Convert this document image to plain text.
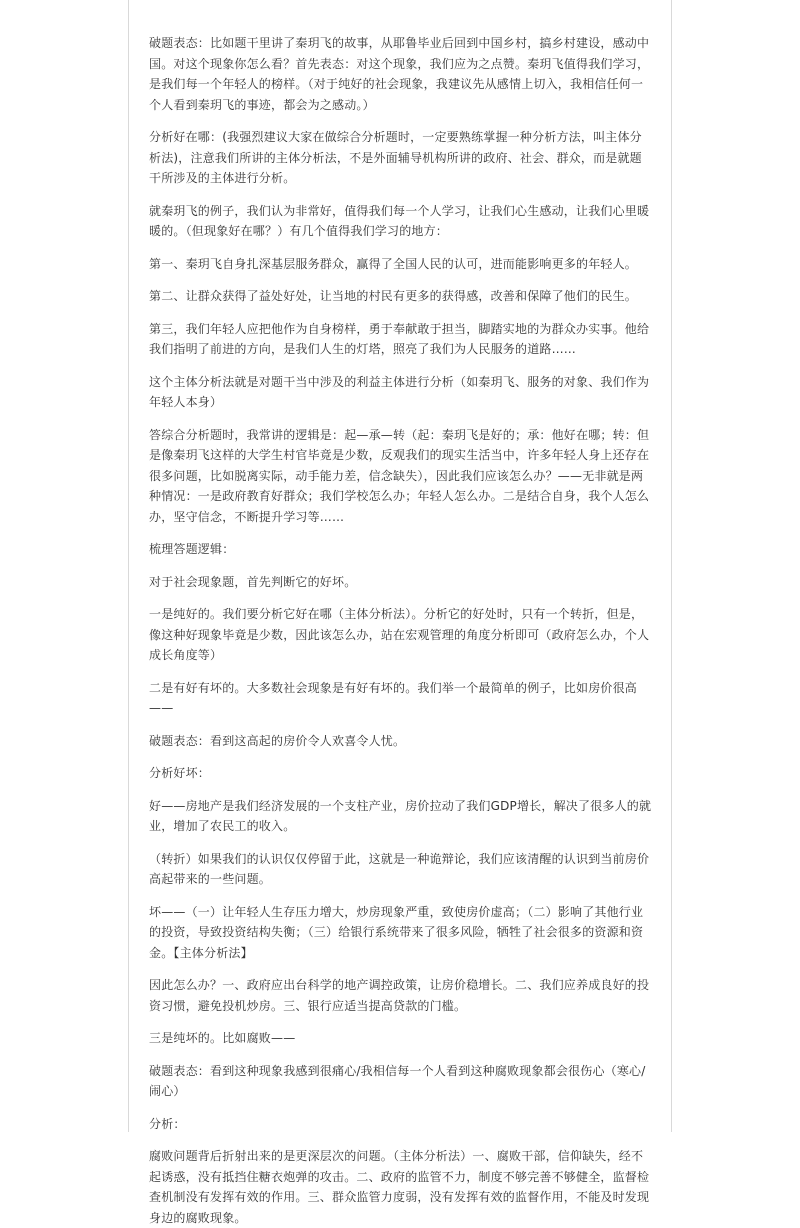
破题表态：比如题干里讲了秦玥飞的故事，从耶鲁毕业后回到中国乡村，搞乡村建设，感动中国。对这个现象你怎么看？首先表态：对这个现象，我们应为之点赞。秦玥飞值得我们学习，是我们每一个年轻人的榜样。（对于纯好的社会现象，我建议先从感情上切入，我相信任何一个人看到秦玥飞的事迹，都会为之感动。）

分析好在哪：(我强烈建议大家在做综合分析题时，一定要熟练掌握一种分析方法，叫主体分析法)，注意我们所讲的主体分析法，不是外面辅导机构所讲的政府、社会、群众，而是就题干所涉及的主体进行分析。

就秦玥飞的例子，我们认为非常好，值得我们每一个人学习，让我们心生感动，让我们心里暖暖的。（但现象好在哪？）有几个值得我们学习的地方：

第一、秦玥飞自身扎深基层服务群众，赢得了全国人民的认可，进而能影响更多的年轻人。

第二、让群众获得了益处好处，让当地的村民有更多的获得感，改善和保障了他们的民生。

第三，我们年轻人应把他作为自身榜样，勇于奉献敢于担当，脚踏实地的为群众办实事。他给我们指明了前进的方向，是我们人生的灯塔，照亮了我们为人民服务的道路……

这个主体分析法就是对题干当中涉及的利益主体进行分析（如秦玥飞、服务的对象、我们作为年轻人本身）

答综合分析题时，我常讲的逻辑是：起—承—转（起：秦玥飞是好的；承：他好在哪；转：但是像秦玥飞这样的大学生村官毕竟是少数，反观我们的现实生活当中，许多年轻人身上还存在很多问题，比如脱离实际，动手能力差，信念缺失），因此我们应该怎么办？——无非就是两种情况：一是政府教育好群众；我们学校怎么办；年轻人怎么办。二是结合自身，我个人怎么办，坚守信念，不断提升学习等……

梳理答题逻辑：

对于社会现象题，首先判断它的好坏。

一是纯好的。我们要分析它好在哪（主体分析法）。分析它的好处时，只有一个转折，但是，像这种好现象毕竟是少数，因此该怎么办，站在宏观管理的角度分析即可（政府怎么办，个人成长角度等）

二是有好有坏的。大多数社会现象是有好有坏的。我们举一个最简单的例子，比如房价很高——

破题表态：看到这高起的房价令人欢喜令人忧。

分析好坏：

好——房地产是我们经济发展的一个支柱产业，房价拉动了我们GDP增长，解决了很多人的就业，增加了农民工的收入。

（转折）如果我们的认识仅仅停留于此，这就是一种诡辩论，我们应该清醒的认识到当前房价高起带来的一些问题。

坏——（一）让年轻人生存压力增大，炒房现象严重，致使房价虚高；（二）影响了其他行业的投资，导致投资结构失衡；（三）给银行系统带来了很多风险，牺牲了社会很多的资源和资金。【主体分析法】

因此怎么办？一、政府应出台科学的地产调控政策，让房价稳增长。二、我们应养成良好的投资习惯，避免投机炒房。三、银行应适当提高贷款的门槛。

三是纯坏的。比如腐败——

破题表态：看到这种现象我感到很痛心/我相信每一个人看到这种腐败现象都会很伤心（寒心/闹心）

分析：

腐败问题背后折射出来的是更深层次的问题。（主体分析法）一、腐败干部，信仰缺失，经不起诱惑，没有抵挡住糖衣炮弹的攻击。二、政府的监管不力，制度不够完善不够健全，监督检查机制没有发挥有效的作用。三、群众监管力度弱，没有发挥有效的监督作用，不能及时发现身边的腐败现象。
